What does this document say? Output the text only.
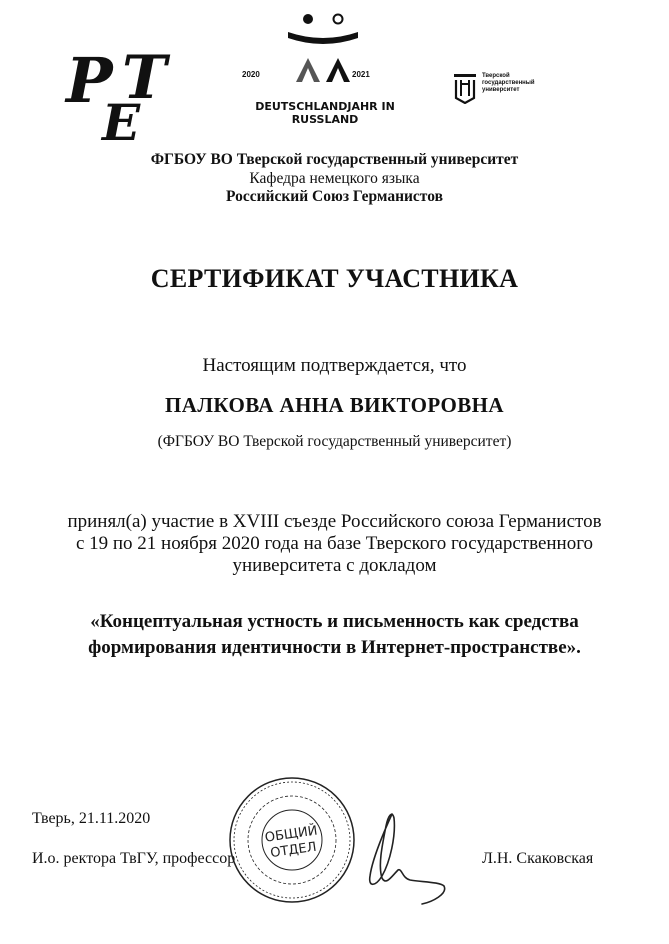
Р Т
Е
2020	2021
DEUTSCHLANDJAHR IN RUSSLAND
Тверской
государственный
университет
ФГБОУ ВО Тверской государственный университет
Кафедра немецкого языка
Российский Союз Германистов
СЕРТИФИКАТ УЧАСТНИКА
Настоящим подтверждается, что
ПАЛКОВА АННА ВИКТОРОВНА
(ФГБОУ ВО Тверской государственный университет)
принял(а) участие в XVIII съезде Российского союза Германистов
с 19 по 21 ноября 2020 года на базе Тверского государственного
университета с докладом
«Концептуальная устность и письменность как средства
формирования идентичности в Интернет-пространстве».
Тверь, 21.11.2020
И.о. ректора ТвГУ, профессор	Л.Н. Скаковская
ОБЩИЙ
ОТДЕЛ
